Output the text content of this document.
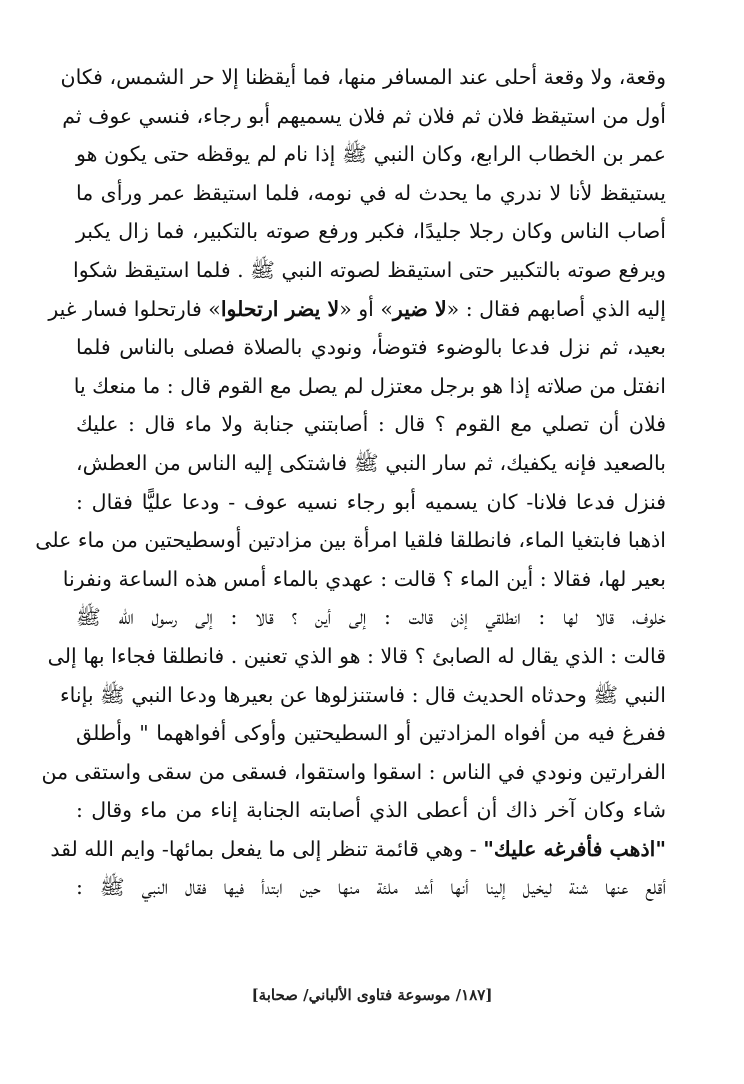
وقعة، ولا وقعة أحلى عند المسافر منها، فما أيقظنا إلا حر الشمس، فكان
أول من استيقظ فلان ثم فلان ثم فلان يسميهم أبو رجاء، فنسي عوف ثم
عمر بن الخطاب الرابع، وكان النبي ﷺ إذا نام لم يوقظه حتى يكون هو
يستيقظ لأنا لا ندري ما يحدث له في نومه، فلما استيقظ عمر ورأى ما
أصاب الناس وكان رجلا جليدًا، فكبر ورفع صوته بالتكبير، فما زال يكبر
ويرفع صوته بالتكبير حتى استيقظ لصوته النبي ﷺ . فلما استيقظ شكوا
إليه الذي أصابهم فقال : «لا ضير» أو «لا يضر ارتحلوا» فارتحلوا فسار غير
بعيد، ثم نزل فدعا بالوضوء فتوضأ، ونودي بالصلاة فصلى بالناس فلما
انفتل من صلاته إذا هو برجل معتزل لم يصل مع القوم قال : ما منعك يا
فلان أن تصلي مع القوم ؟ قال : أصابتني جنابة ولا ماء قال : عليك
بالصعيد فإنه يكفيك، ثم سار النبي ﷺ فاشتكى إليه الناس من العطش،
فنزل فدعا فلانا- كان يسميه أبو رجاء نسيه عوف - ودعا عليًّا فقال :
اذهبا فابتغيا الماء، فانطلقا فلقيا امرأة بين مزادتين أوسطيحتين من ماء على
بعير لها، فقالا : أين الماء ؟ قالت : عهدي بالماء أمس هذه الساعة ونفرنا
خلوف، قالا لها : انطلقي إذن قالت : إلى أين ؟ قالا : إلى رسول الله ﷺ
قالت : الذي يقال له الصابئ ؟ قالا : هو الذي تعنين . فانطلقا فجاءا بها إلى
النبي ﷺ وحدثاه الحديث قال : فاستنزلوها عن بعيرها ودعا النبي ﷺ بإناء
ففرغ فيه من أفواه المزادتين أو السطيحتين وأوكى أفواههما " وأطلق
الفرارتين ونودي في الناس : اسقوا واستقوا، فسقى من سقى واستقى من
شاء وكان آخر ذاك أن أعطى الذي أصابته الجنابة إناء من ماء وقال :
"اذهب فأفرغه عليك" - وهي قائمة تنظر إلى ما يفعل بمائها- وايم الله لقد
أقلع عنها شنة ليخيل إلينا أنها أشد ملئة منها حين ابتدأ فيها فقال النبي ﷺ :
[١٨٧/ موسوعة فتاوى الألباني/ صحابة]
